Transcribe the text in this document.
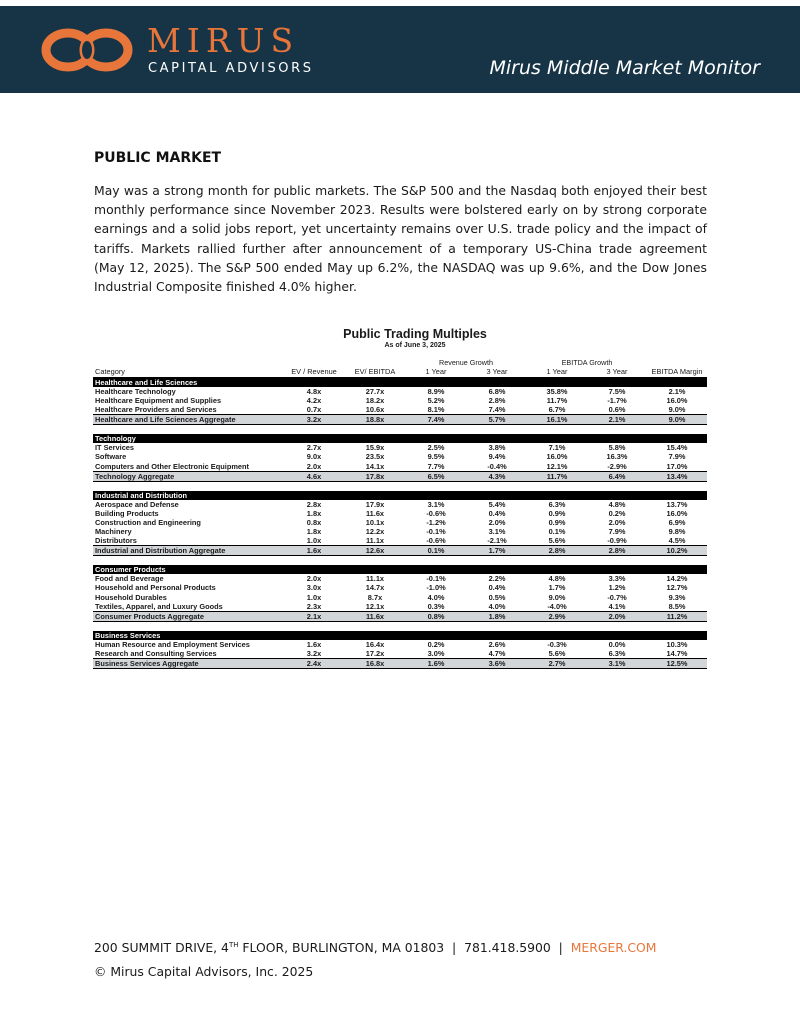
MIRUS
CAPITAL ADVISORS	Mirus Middle Market Monitor
PUBLIC MARKET
May was a strong month for public markets. The S&P 500 and the Nasdaq both enjoyed their best monthly performance since November 2023. Results were bolstered early on by strong corporate earnings and a solid jobs report, yet uncertainty remains over U.S. trade policy and the impact of tariffs. Markets rallied further after announcement of a temporary US-China trade agreement (May 12, 2025). The S&P 500 ended May up 6.2%, the NASDAQ was up 9.6%, and the Dow Jones Industrial Composite finished 4.0% higher.
Public Trading Multiples
As of June 3, 2025
			Revenue Growth		EBITDA Growth		
Category	EV / Revenue	EV/ EBITDA	1 Year	3 Year	1 Year	3 Year	EBITDA Margin
Healthcare and Life Sciences							
Healthcare Technology	4.8x	27.7x	8.9%	6.8%	35.8%	7.5%	2.1%
Healthcare Equipment and Supplies	4.2x	18.2x	5.2%	2.8%	11.7%	-1.7%	16.0%
Healthcare Providers and Services	0.7x	10.6x	8.1%	7.4%	6.7%	0.6%	9.0%
Healthcare and Life Sciences Aggregate	3.2x	18.8x	7.4%	5.7%	16.1%	2.1%	9.0%

Technology							
IT Services	2.7x	15.9x	2.5%	3.8%	7.1%	5.8%	15.4%
Software	9.0x	23.5x	9.5%	9.4%	16.0%	16.3%	7.9%
Computers and Other Electronic Equipment	2.0x	14.1x	7.7%	-0.4%	12.1%	-2.9%	17.0%
Technology Aggregate	4.6x	17.8x	6.5%	4.3%	11.7%	6.4%	13.4%

Industrial and Distribution							
Aerospace and Defense	2.8x	17.9x	3.1%	5.4%	6.3%	4.8%	13.7%
Building Products	1.8x	11.6x	-0.6%	0.4%	0.9%	0.2%	16.0%
Construction and Engineering	0.8x	10.1x	-1.2%	2.0%	0.9%	2.0%	6.9%
Machinery	1.8x	12.2x	-0.1%	3.1%	0.1%	7.9%	9.8%
Distributors	1.0x	11.1x	-0.6%	-2.1%	5.6%	-0.9%	4.5%
Industrial and Distribution Aggregate	1.6x	12.6x	0.1%	1.7%	2.8%	2.8%	10.2%

Consumer Products							
Food and Beverage	2.0x	11.1x	-0.1%	2.2%	4.8%	3.3%	14.2%
Household and Personal Products	3.0x	14.7x	-1.0%	0.4%	1.7%	1.2%	12.7%
Household Durables	1.0x	8.7x	4.0%	0.5%	9.0%	-0.7%	9.3%
Textiles, Apparel, and Luxury Goods	2.3x	12.1x	0.3%	4.0%	-4.0%	4.1%	8.5%
Consumer Products Aggregate	2.1x	11.6x	0.8%	1.8%	2.9%	2.0%	11.2%

Business Services							
Human Resource and Employment Services	1.6x	16.4x	0.2%	2.6%	-0.3%	0.0%	10.3%
Research and Consulting Services	3.2x	17.2x	3.0%	4.7%	5.6%	6.3%	14.7%
Business Services Aggregate	2.4x	16.8x	1.6%	3.6%	2.7%	3.1%	12.5%
200 SUMMIT DRIVE, 4TH FLOOR, BURLINGTON, MA 01803  |  781.418.5900  |  MERGER.COM
© Mirus Capital Advisors, Inc. 2025
